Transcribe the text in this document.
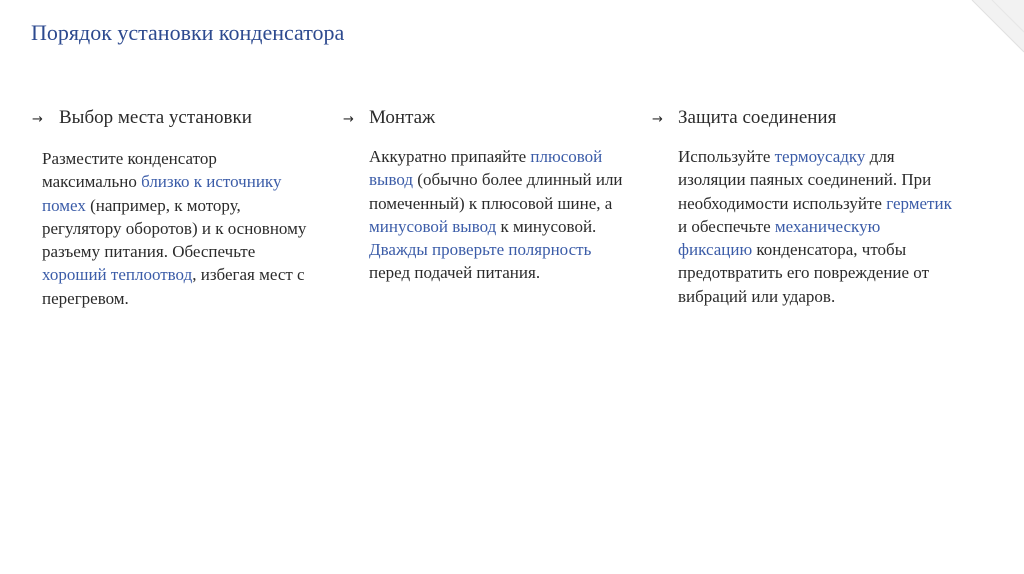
Порядок установки конденсатора
→ Выбор места установки

Разместите конденсатор максимально близко к источнику помех (например, к мотору, регулятору оборотов) и к основному разъему питания. Обеспечьте хороший теплоотвод, избегая мест с перегревом.

→ Монтаж

Аккуратно припаяйте плюсовой вывод (обычно более длинный или помеченный) к плюсовой шине, а минусовой вывод к минусовой. Дважды проверьте полярность перед подачей питания.

→ Защита соединения

Используйте термоусадку для изоляции паяных соединений. При необходимости используйте герметик и обеспечьте механическую фиксацию конденсатора, чтобы предотвратить его повреждение от вибраций или ударов.
